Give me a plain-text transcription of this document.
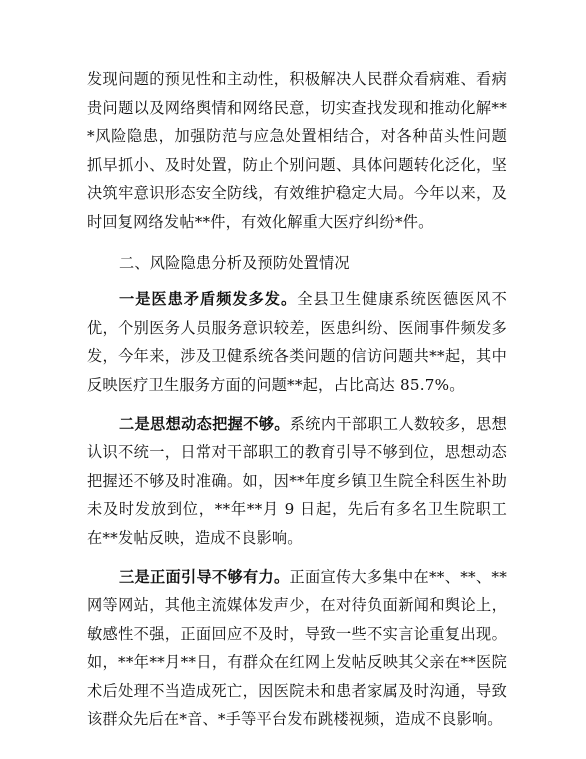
发现问题的预见性和主动性，积极解决人民群众看病难、看病贵问题以及网络舆情和网络民意，切实查找发现和推动化解***风险隐患，加强防范与应急处置相结合，对各种苗头性问题抓早抓小、及时处置，防止个别问题、具体问题转化泛化，坚决筑牢意识形态安全防线，有效维护稳定大局。今年以来，及时回复网络发帖**件，有效化解重大医疗纠纷*件。

二、风险隐患分析及预防处置情况

一是医患矛盾频发多发。全县卫生健康系统医德医风不优，个别医务人员服务意识较差，医患纠纷、医闹事件频发多发，今年来，涉及卫健系统各类问题的信访问题共**起，其中反映医疗卫生服务方面的问题**起，占比高达 85.7%。

二是思想动态把握不够。系统内干部职工人数较多，思想认识不统一，日常对干部职工的教育引导不够到位，思想动态把握还不够及时准确。如，因**年度乡镇卫生院全科医生补助未及时发放到位，**年**月 9 日起，先后有多名卫生院职工在**发帖反映，造成不良影响。

三是正面引导不够有力。正面宣传大多集中在**、**、**网等网站，其他主流媒体发声少，在对待负面新闻和舆论上，敏感性不强，正面回应不及时，导致一些不实言论重复出现。如，**年**月**日，有群众在红网上发帖反映其父亲在**医院术后处理不当造成死亡，因医院未和患者家属及时沟通，导致该群众先后在*音、*手等平台发布跳楼视频，造成不良影响。
